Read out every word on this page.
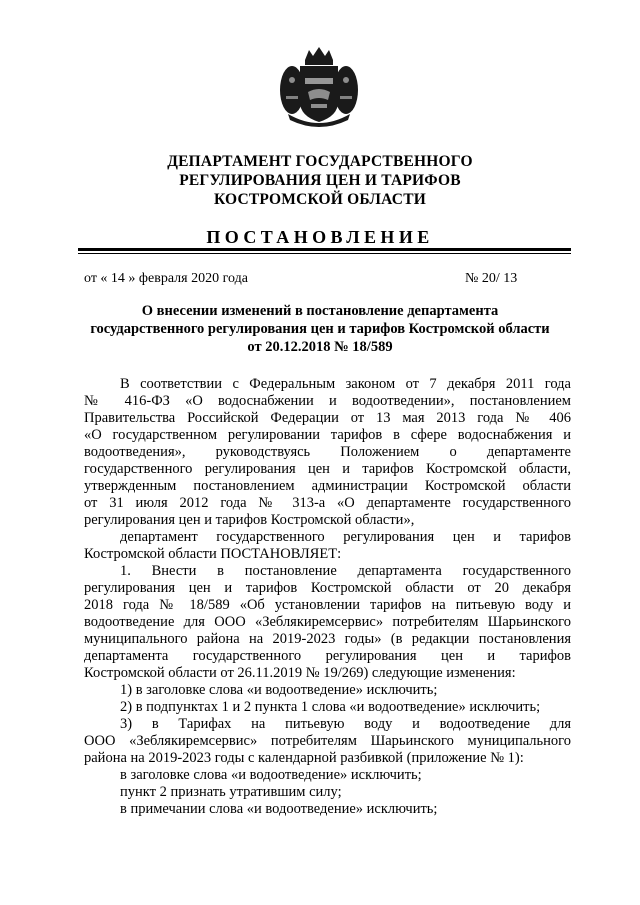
ДЕПАРТАМЕНТ ГОСУДАРСТВЕННОГО
РЕГУЛИРОВАНИЯ ЦЕН И ТАРИФОВ
КОСТРОМСКОЙ ОБЛАСТИ
ПОСТАНОВЛЕНИЕ
от « 14 » февраля 2020 года	№ 20/ 13
О внесении изменений в постановление департамента
государственного регулирования цен и тарифов Костромской области
от 20.12.2018 № 18/589
В соответствии с Федеральным законом от 7 декабря 2011 года
№ 416-ФЗ «О водоснабжении и водоотведении», постановлением
Правительства Российской Федерации от 13 мая 2013 года № 406
«О государственном регулировании тарифов в сфере водоснабжения и
водоотведения», руководствуясь Положением о департаменте
государственного регулирования цен и тарифов Костромской области,
утвержденным постановлением администрации Костромской области
от 31 июля 2012 года № 313-а «О департаменте государственного
регулирования цен и тарифов Костромской области»,
департамент государственного регулирования цен и тарифов
Костромской области ПОСТАНОВЛЯЕТ:
1. Внести в постановление департамента государственного
регулирования цен и тарифов Костромской области от 20 декабря
2018 года № 18/589 «Об установлении тарифов на питьевую воду и
водоотведение для ООО «Зеблякиремсервис» потребителям Шарьинского
муниципального района на 2019-2023 годы» (в редакции постановления
департамента государственного регулирования цен и тарифов
Костромской области от 26.11.2019 № 19/269) следующие изменения:
1) в заголовке слова «и водоотведение» исключить;
2) в подпунктах 1 и 2 пункта 1 слова «и водоотведение» исключить;
3) в Тарифах на питьевую воду и водоотведение для
ООО «Зеблякиремсервис» потребителям Шарьинского муниципального
района на 2019-2023 годы с календарной разбивкой (приложение № 1):
в заголовке слова «и водоотведение» исключить;
пункт 2 признать утратившим силу;
в примечании слова «и водоотведение» исключить;
